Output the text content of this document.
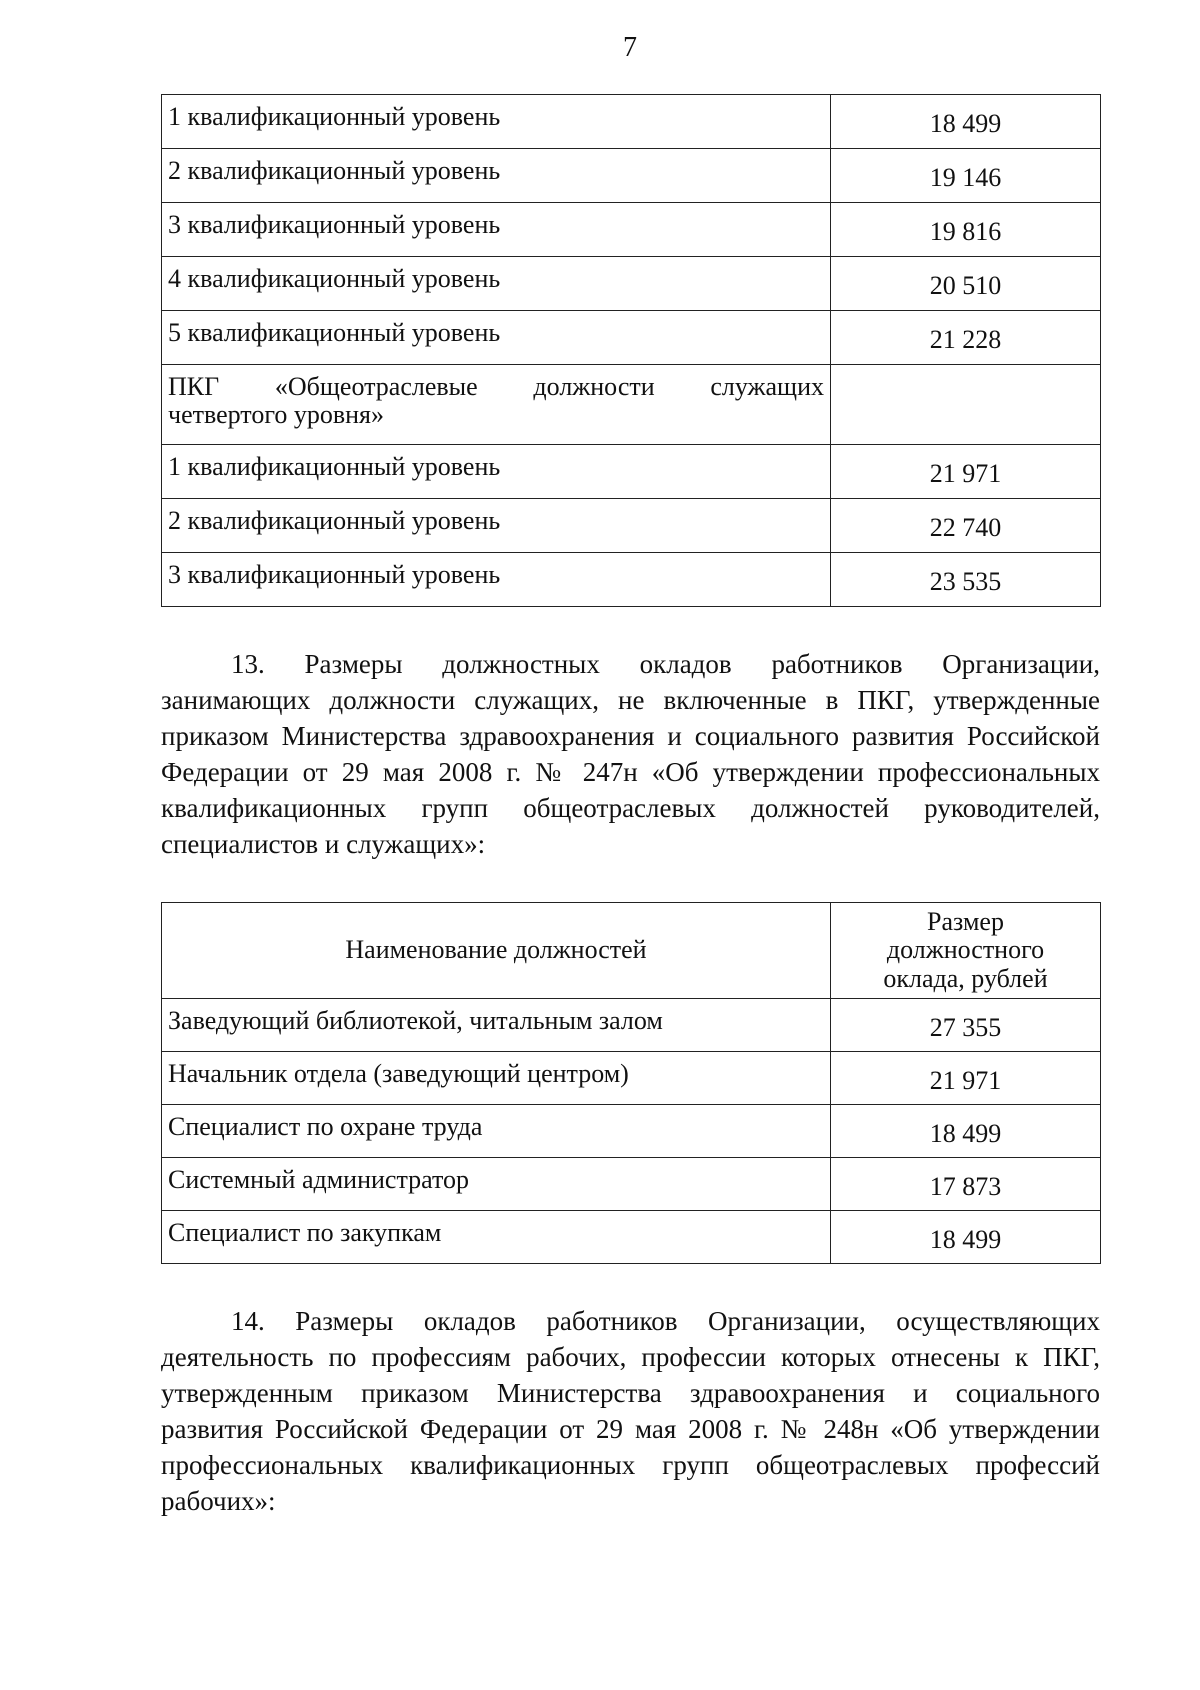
7
1 квалификационный уровень	18 499
2 квалификационный уровень	19 146
3 квалификационный уровень	19 816
4 квалификационный уровень	20 510
5 квалификационный уровень	21 228

ПКГ «Общеотраслевые должности служащих
четвертого уровня»	
1 квалификационный уровень	21 971
2 квалификационный уровень	22 740
3 квалификационный уровень	23 535
13. Размеры должностных окладов работников Организации,
занимающих должности служащих, не включенные в ПКГ, утвержденные
приказом Министерства здравоохранения и социального развития Российской
Федерации от 29 мая 2008 г. № 247н «Об утверждении профессиональных
квалификационных групп общеотраслевых должностей руководителей,
специалистов и служащих»:
Наименование должностей	Размер
должностного
оклада, рублей

Заведующий библиотекой, читальным залом	27 355
Начальник отдела (заведующий центром)	21 971
Специалист по охране труда	18 499
Системный администратор	17 873
Специалист по закупкам	18 499
14. Размеры окладов работников Организации, осуществляющих
деятельность по профессиям рабочих, профессии которых отнесены к ПКГ,
утвержденным приказом Министерства здравоохранения и социального
развития Российской Федерации от 29 мая 2008 г. № 248н «Об утверждении
профессиональных квалификационных групп общеотраслевых профессий
рабочих»:
